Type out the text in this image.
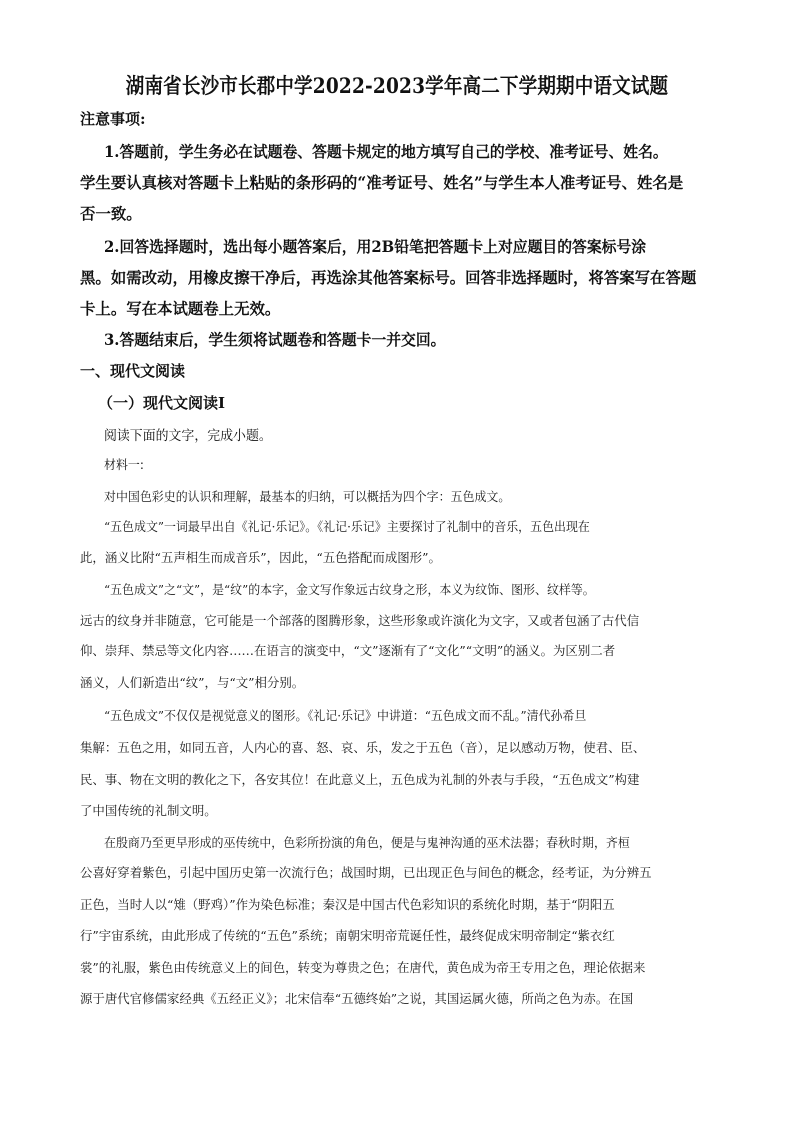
湖南省长沙市长郡中学2022-2023学年高二下学期期中语文试题
注意事项:
1.答题前，学生务必在试题卷、答题卡规定的地方填写自己的学校、准考证号、姓名。
学生要认真核对答题卡上粘贴的条形码的“准考证号、姓名”与学生本人准考证号、姓名是
否一致。
2.回答选择题时，选出每小题答案后，用2B铅笔把答题卡上对应题目的答案标号涂
黑。如需改动，用橡皮擦干净后，再选涂其他答案标号。回答非选择题时，将答案写在答题
卡上。写在本试题卷上无效。
3.答题结束后，学生须将试题卷和答题卡一并交回。
一、现代文阅读
（一）现代文阅读Ⅰ
阅读下面的文字，完成小题。
材料一:
对中国色彩史的认识和理解，最基本的归纳，可以概括为四个字：五色成文。
“五色成文”一词最早出自《礼记·乐记》。《礼记·乐记》主要探讨了礼制中的音乐，五色出现在
此，涵义比附“五声相生而成音乐”，因此，“五色搭配而成图形”。
“五色成文”之“文”，是“纹”的本字，金文写作象远古纹身之形，本义为纹饰、图形、纹样等。
远古的纹身并非随意，它可能是一个部落的图腾形象，这些形象或许演化为文字，又或者包涵了古代信
仰、崇拜、禁忌等文化内容……在语言的演变中，“文”逐渐有了“文化”“文明”的涵义。为区别二者
涵义，人们新造出“纹”，与“文”相分别。
“五色成文”不仅仅是视觉意义的图形。《礼记·乐记》中讲道：“五色成文而不乱。”清代孙希旦
集解：五色之用，如同五音，人内心的喜、怒、哀、乐，发之于五色（音），足以感动万物，使君、臣、
民、事、物在文明的教化之下，各安其位！在此意义上，五色成为礼制的外表与手段，“五色成文”构建
了中国传统的礼制文明。
在殷商乃至更早形成的巫传统中，色彩所扮演的角色，便是与鬼神沟通的巫术法器；春秋时期，齐桓
公喜好穿着紫色，引起中国历史第一次流行色；战国时期，已出现正色与间色的概念，经考证，为分辨五
正色，当时人以“雉（野鸡）”作为染色标准；秦汉是中国古代色彩知识的系统化时期，基于“阴阳五
行”宇宙系统，由此形成了传统的“五色”系统；南朝宋明帝荒诞任性，最终促成宋明帝制定“紫衣红
裳”的礼服，紫色由传统意义上的间色，转变为尊贵之色；在唐代，黄色成为帝王专用之色，理论依据来
源于唐代官修儒家经典《五经正义》；北宋信奉“五德终始”之说，其国运属火德，所尚之色为赤。在国
